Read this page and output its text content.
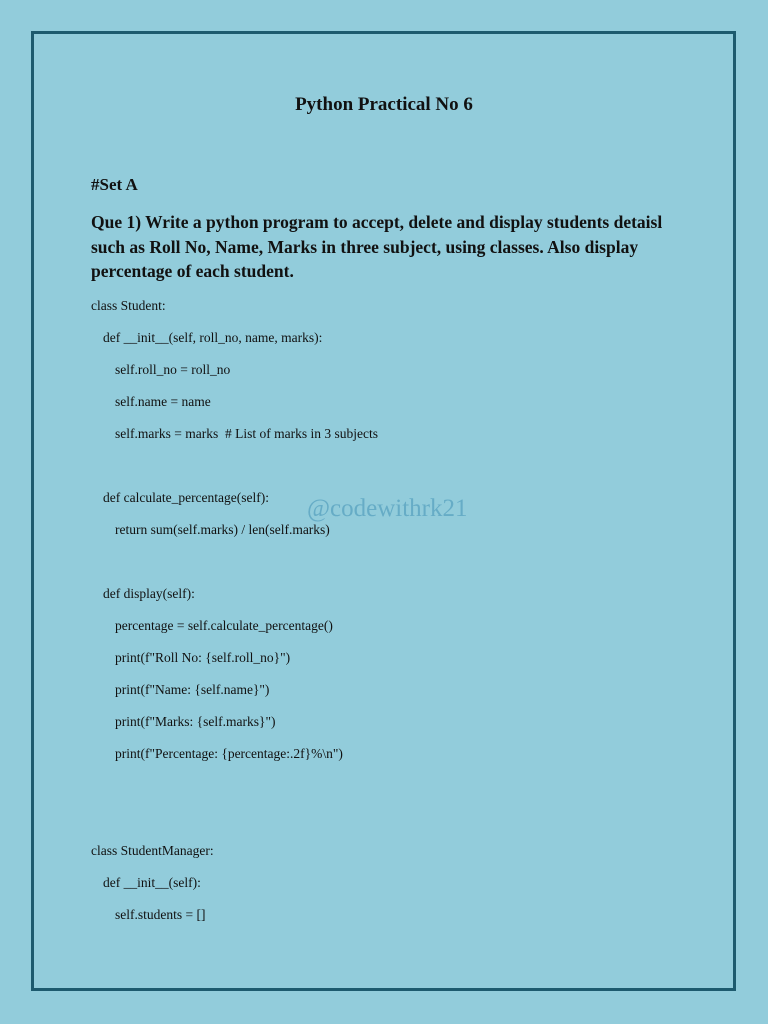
Python Practical No 6
#Set A
Que 1) Write a python program to accept, delete and display students detaisl such as Roll No, Name, Marks in three subject, using classes. Also display percentage of each student.
class Student:
def __init__(self, roll_no, name, marks):
self.roll_no = roll_no
self.name = name
self.marks = marks  # List of marks in 3 subjects
def calculate_percentage(self):
return sum(self.marks) / len(self.marks)
def display(self):
percentage = self.calculate_percentage()
print(f"Roll No: {self.roll_no}")
print(f"Name: {self.name}")
print(f"Marks: {self.marks}")
print(f"Percentage: {percentage:.2f}%\n")
class StudentManager:
def __init__(self):
self.students = []
@codewithrk21
